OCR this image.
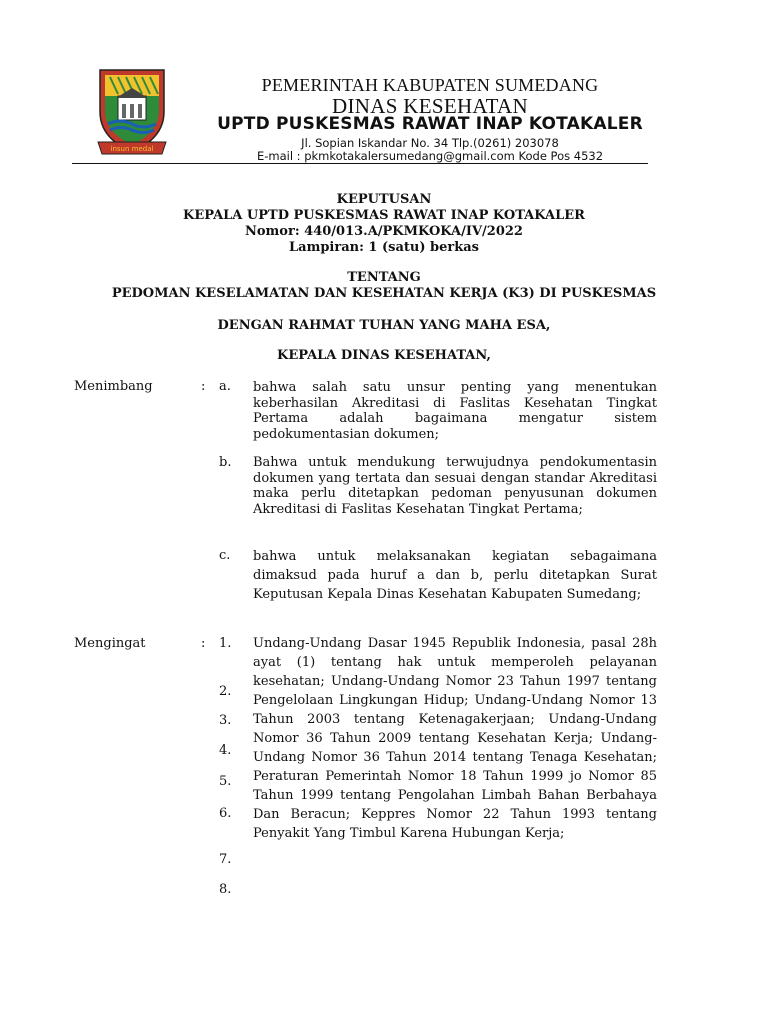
insun medal
PEMERINTAH KABUPATEN SUMEDANG
DINAS KESEHATAN
UPTD PUSKESMAS RAWAT INAP KOTAKALER
Jl. Sopian Iskandar No. 34 Tlp.(0261) 203078
E-mail : pkmkotakalersumedang@gmail.com Kode Pos 4532
KEPUTUSAN
KEPALA UPTD PUSKESMAS RAWAT INAP KOTAKALER
Nomor: 440/013.A/PKMKOKA/IV/2022
Lampiran: 1 (satu) berkas
TENTANG
PEDOMAN KESELAMATAN DAN KESEHATAN KERJA (K3) DI PUSKESMAS
DENGAN RAHMAT TUHAN YANG MAHA ESA,
KEPALA DINAS KESEHATAN,
Menimbang	: a. bahwa salah satu unsur penting yang menentukan keberhasilan Akreditasi di Faslitas Kesehatan Tingkat Pertama adalah bagaimana mengatur sistem pedokumentasian dokumen;
b. Bahwa untuk mendukung terwujudnya pendokumentasin dokumen yang tertata dan sesuai dengan standar Akreditasi maka perlu ditetapkan pedoman penyusunan dokumen Akreditasi di Faslitas Kesehatan Tingkat Pertama;
c. bahwa untuk melaksanakan kegiatan sebagaimana dimaksud pada huruf a dan b, perlu ditetapkan Surat Keputusan Kepala Dinas Kesehatan Kabupaten Sumedang;
Mengingat	: 1.
2.
3.
4.
5.
6.
7.
8.
Undang-Undang Dasar 1945 Republik Indonesia, pasal 28h ayat (1) tentang hak untuk memperoleh pelayanan kesehatan; Undang-Undang Nomor 23 Tahun 1997 tentang Pengelolaan Lingkungan Hidup; Undang-Undang Nomor 13 Tahun 2003 tentang Ketenagakerjaan; Undang-Undang Nomor 36 Tahun 2009 tentang Kesehatan Kerja; Undang-Undang Nomor 36 Tahun 2014 tentang Tenaga Kesehatan; Peraturan Pemerintah Nomor 18 Tahun 1999 jo Nomor 85 Tahun 1999 tentang Pengolahan Limbah Bahan Berbahaya Dan Beracun; Keppres Nomor 22 Tahun 1993 tentang Penyakit Yang Timbul Karena Hubungan Kerja;
